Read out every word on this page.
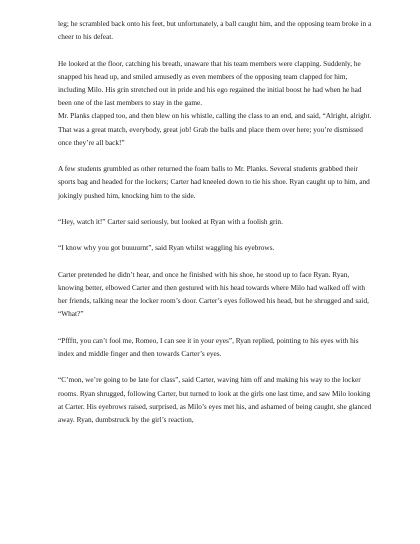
leg; he scrambled back onto his feet, but unfortunately, a ball caught him, and the opposing team broke in a cheer to his defeat.

He looked at the floor, catching his breath, unaware that his team members were clapping. Suddenly, he snapped his head up, and smiled amusedly as even members of the opposing team clapped for him, including Milo. His grin stretched out in pride and his ego regained the initial boost he had when he had been one of the last members to stay in the game.

Mr. Planks clapped too, and then blew on his whistle, calling the class to an end, and said, “Alright, alright. That was a great match, everybody, great job! Grab the balls and place them over here; you’re dismissed once they’re all back!”

A few students grumbled as other returned the foam balls to Mr. Planks. Several students grabbed their sports bag and headed for the lockers; Carter had kneeled down to tie his shoe. Ryan caught up to him, and jokingly pushed him, knocking him to the side.

“Hey, watch it!” Carter said seriously, but looked at Ryan with a foolish grin.

“I know why you got buuuurnt”, said Ryan whilst waggling his eyebrows.

Carter pretended he didn’t hear, and once he finished with his shoe, he stood up to face Ryan. Ryan, knowing better, elbowed Carter and then gestured with his head towards where Milo had walked off with her friends, talking near the locker room’s door. Carter’s eyes followed his head, but he shrugged and said, “What?”

“Pffftt, you can’t fool me, Romeo, I can see it in your eyes”, Ryan replied, pointing to his eyes with his index and middle finger and then towards Carter’s eyes.

“C’mon, we’re going to be late for class”, said Carter, waving him off and making his way to the locker rooms. Ryan shrugged, following Carter, but turned to look at the girls one last time, and saw Milo looking at Carter. His eyebrows raised, surprised, as Milo’s eyes met his, and ashamed of being caught, she glanced away. Ryan, dumbstruck by the girl’s reaction,
